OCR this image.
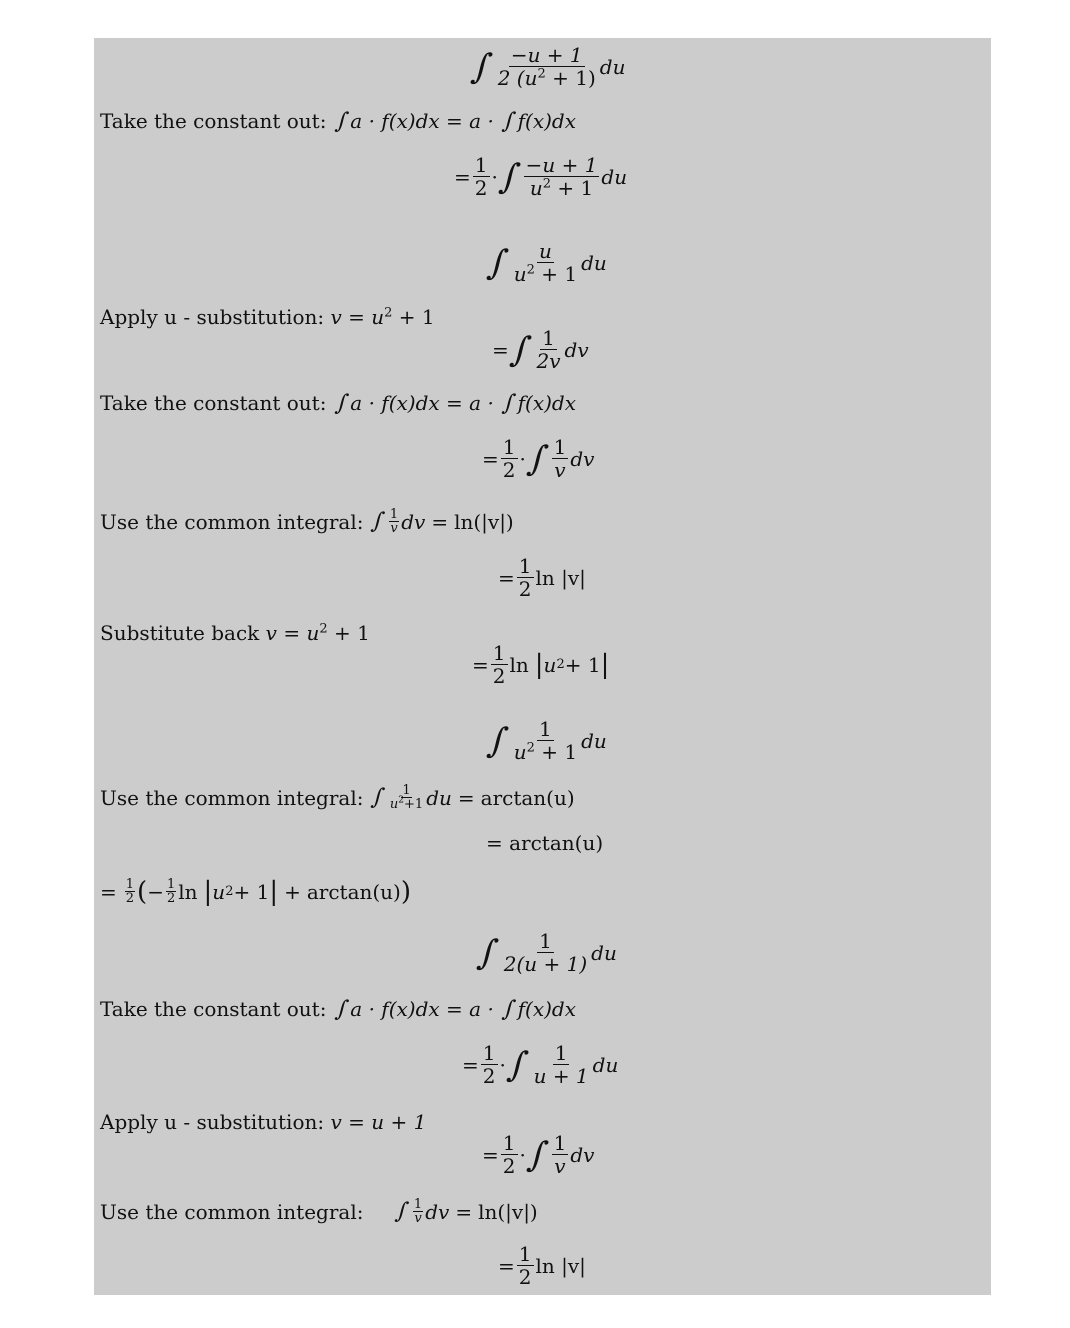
∫ $\frac{-u + 1}{2 (u^2 + 1)}$ du
Take the constant out: ∫a · f(x)dx = a · ∫f(x)dx
= $\frac{1}{2}$ ·
∫ $\frac{-u + 1}{u^2 + 1}$ du
∫ $\frac{u}{u^2 + 1}$ du
Apply u - substitution: $v = u^2 + 1$
=
∫ $\frac{1}{2v}$ dv
Take the constant out: ∫a · f(x)dx = a · ∫f(x)dx
= $\frac{1}{2}$ ·
∫ $\frac{1}{v}$ dv
Use the common integral: ∫ $\frac{1}{v}$ dv = ln(|v|)
= $\frac{1}{2}$ ln |v|
Substitute back $v = u^2 + 1$
= $\frac{1}{2}$ ln | u 2 + 1 |
∫ $\frac{1}{u^2 + 1}$ du
Use the common integral: ∫ $\frac{1}{u^2+1}$ du = arctan(u)
= arctan(u)
= $\frac{1}{2}$ ( − $\frac{1}{2}$ ln | u 2 + 1 | + arctan(u) )
∫ $\frac{1}{2(u + 1)}$ du
Take the constant out: ∫a · f(x)dx = a · ∫f(x)dx
= $\frac{1}{2}$ ·
∫ $\frac{1}{u + 1}$ du
Apply u - substitution: v = u + 1
= $\frac{1}{2}$ ·
∫ $\frac{1}{v}$ dv
Use the common integral: ∫ $\frac{1}{v}$ dv = ln(|v|)
= $\frac{1}{2}$ ln |v|
